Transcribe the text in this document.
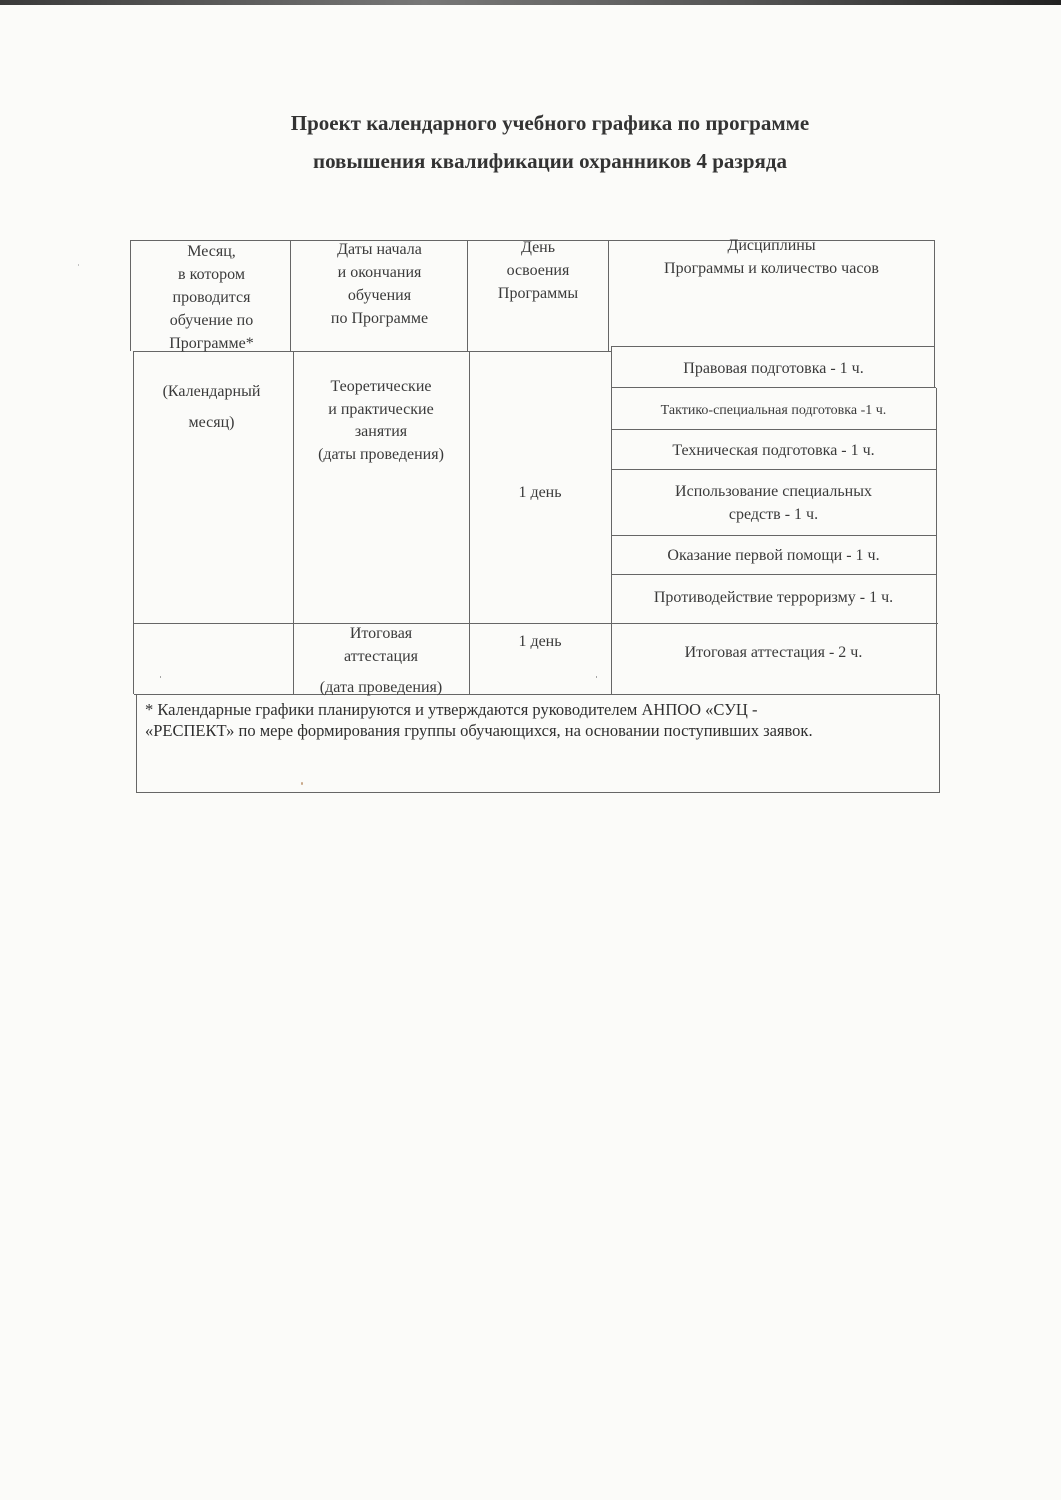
Проект календарного учебного графика по программе
повышения квалификации охранников 4 разряда
Месяц,
в котором
проводится
обучение по
Программе*
Даты начала
и окончания
обучения
по Программе
День
освоения
Программы
Дисциплины
Программы и количество часов
(Календарный
месяц)
Теоретические
и практические
занятия
(даты проведения)
1 день
Правовая подготовка - 1 ч.
Тактико-специальная подготовка -1 ч.
Техническая подготовка - 1 ч.
Использование специальных
средств - 1 ч.
Оказание первой помощи - 1 ч.
Противодействие терроризму - 1 ч.
Итоговая
аттестация
(дата проведения)
1 день
Итоговая аттестация - 2 ч.
* Календарные графики планируются и утверждаются руководителем АНПОО «СУЦ -
«РЕСПЕКТ» по мере формирования группы обучающихся, на основании поступивших заявок.
